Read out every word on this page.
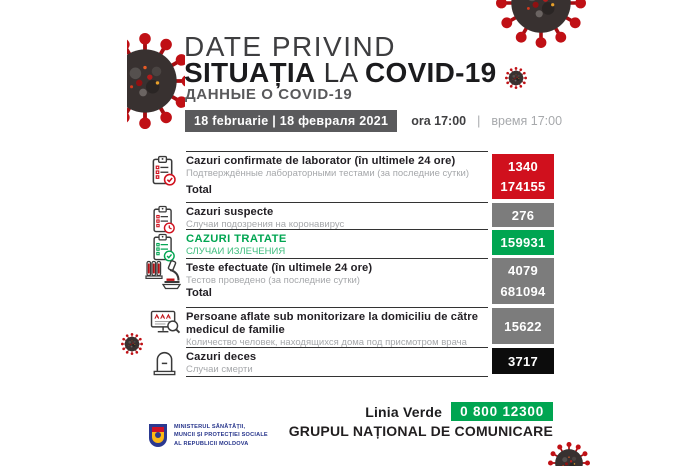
DATE PRIVIND
SITUAȚIA LA COVID-19
ДАННЫЕ О COVID-19
18 februarie | 18 февраля 2021	ora 17:00 | время 17:00
Cazuri confirmate de laborator (în ultimele 24 ore)
Подтверждённые лабораторными тестами (за последние сутки)
Total
1340
174155
Cazuri suspecte
Случаи подозрения на коронавирус
276
CAZURI TRATATE
СЛУЧАИ ИЗЛЕЧЕНИЯ
159931
Teste efectuate (în ultimele 24 ore)
Тестов проведено (за последние сутки)
Total
4079
681094
Persoane aflate sub monitorizare la domiciliu de către medicul de familie
Количество человек, находящихся дома под присмотром врача
15622
Cazuri deces
Случаи смерти
3717
MINISTERUL SĂNĂTĂȚII,
MUNCII ȘI PROTECȚIEI SOCIALE
AL REPUBLICII MOLDOVA
Linia Verde	0 800 12300
GRUPUL NAȚIONAL DE COMUNICARE
